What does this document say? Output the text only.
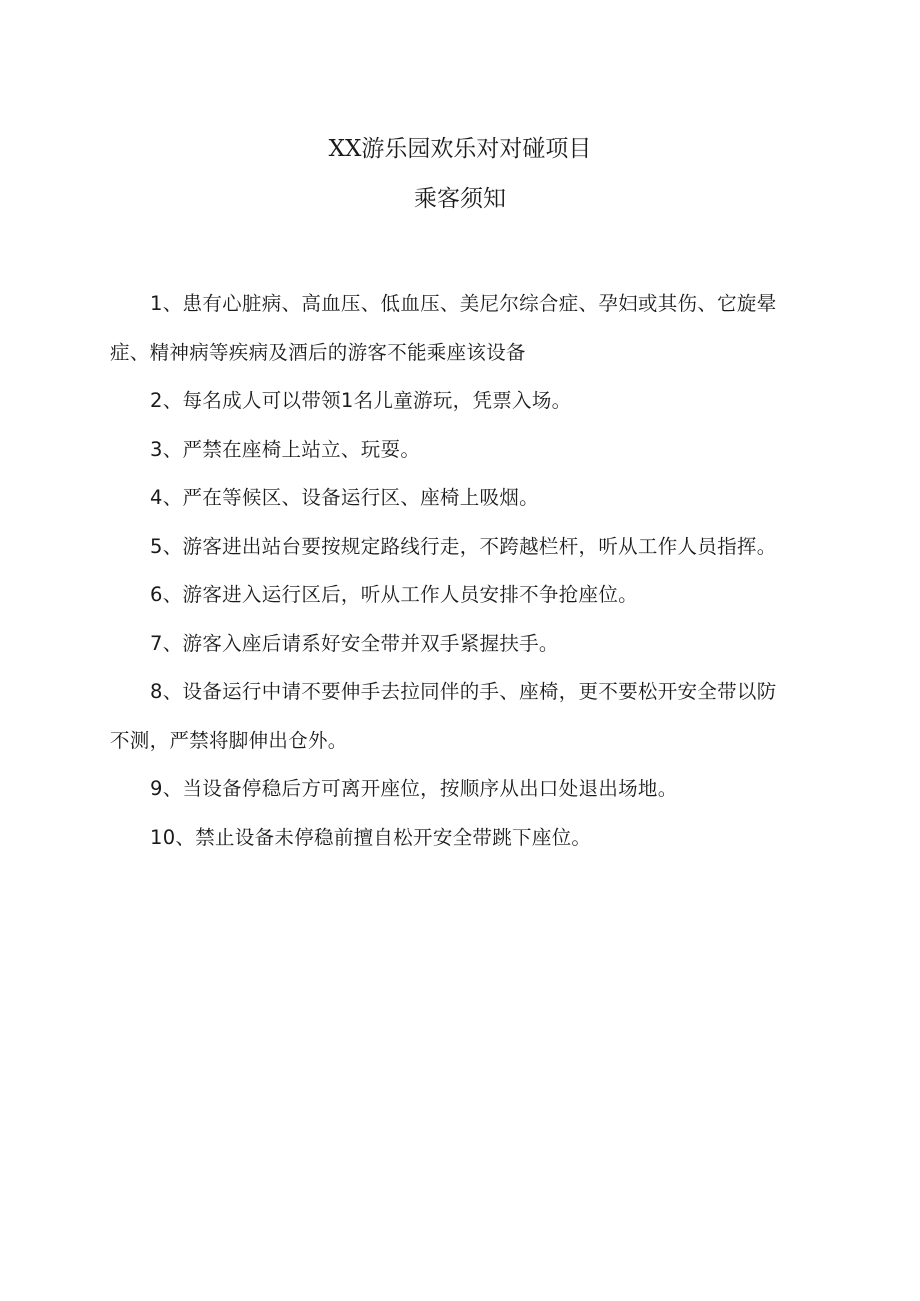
XX游乐园欢乐对对碰项目
乘客须知
1、患有心脏病、高血压、低血压、美尼尔综合症、孕妇或其伤、它旋晕症、精神病等疾病及酒后的游客不能乘座该设备
2、每名成人可以带领1名儿童游玩，凭票入场。
3、严禁在座椅上站立、玩耍。
4、严在等候区、设备运行区、座椅上吸烟。
5、游客进出站台要按规定路线行走，不跨越栏杆，听从工作人员指挥。
6、游客进入运行区后，听从工作人员安排不争抢座位。
7、游客入座后请系好安全带并双手紧握扶手。
8、设备运行中请不要伸手去拉同伴的手、座椅，更不要松开安全带以防不测，严禁将脚伸出仓外。
9、当设备停稳后方可离开座位，按顺序从出口处退出场地。
10、禁止设备未停稳前擅自松开安全带跳下座位。
